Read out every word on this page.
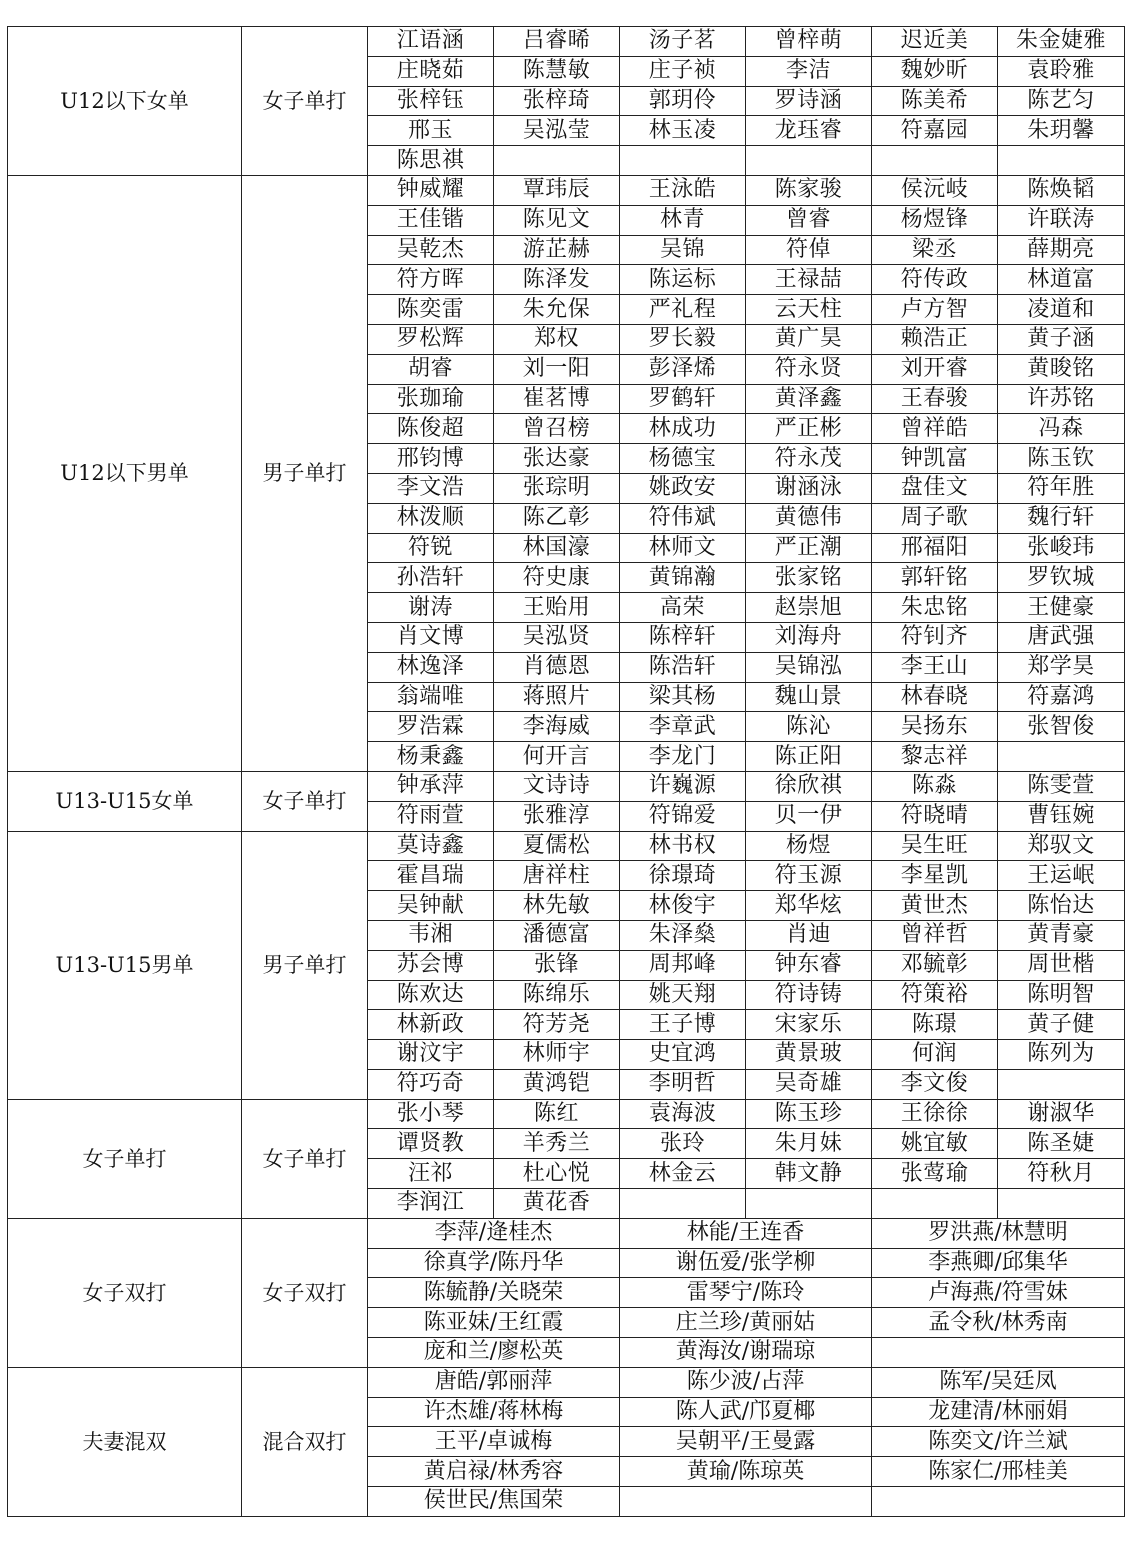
U12以下女单	女子单打	江语涵	吕睿晞	汤子茗	曾梓萌	迟近美	朱金婕雅
		庄晓茹	陈慧敏	庄子祯	李洁	魏妙昕	袁聆雅
		张梓钰	张梓琦	郭玥伶	罗诗涵	陈美希	陈艺匀
		邢玉	吴泓莹	林玉凌	龙珏睿	符嘉园	朱玥馨
		陈思祺					
U12以下男单	男子单打	钟威耀	覃玮辰	王泳皓	陈家骏	侯沅岐	陈焕韬
		王佳锴	陈见文	林青	曾睿	杨煜锋	许联涛
		吴乾杰	游芷赫	吴锦	符倬	梁丞	薛期亮
		符方晖	陈泽发	陈运标	王禄喆	符传政	林道富
		陈奕雷	朱允保	严礼程	云天柱	卢方智	凌道和
		罗松辉	郑权	罗长毅	黄广昊	赖浩正	黄子涵
		胡睿	刘一阳	彭泽烯	符永贤	刘开睿	黄晙铭
		张珈瑜	崔茗博	罗鹤轩	黄泽鑫	王春骏	许苏铭
		陈俊超	曾召榜	林成功	严正彬	曾祥皓	冯森
		邢钧博	张达豪	杨德宝	符永茂	钟凯富	陈玉钦
		李文浩	张琮明	姚政安	谢涵泳	盘佳文	符年胜
		林泼顺	陈乙彰	符伟斌	黄德伟	周子歌	魏行轩
		符锐	林国濠	林师文	严正潮	邢福阳	张峻玮
		孙浩轩	符史康	黄锦瀚	张家铭	郭轩铭	罗钦城
		谢涛	王贻用	高荣	赵崇旭	朱忠铭	王健豪
		肖文博	吴泓贤	陈梓轩	刘海舟	符钊齐	唐武强
		林逸泽	肖德恩	陈浩轩	吴锦泓	李王山	郑学昊
		翁端唯	蒋照片	梁其杨	魏山景	林春晓	符嘉鸿
		罗浩霖	李海威	李章武	陈沁	吴扬东	张智俊
		杨秉鑫	何开言	李龙门	陈正阳	黎志祥	
U13-U15女单	女子单打	钟承萍	文诗诗	许巍源	徐欣祺	陈淼	陈雯萱
		符雨萱	张雅淳	符锦爱	贝一伊	符晓晴	曹钰婉
U13-U15男单	男子单打	莫诗鑫	夏儒松	林书权	杨煜	吴生旺	郑驭文
		霍昌瑞	唐祥柱	徐璟琦	符玉源	李星凯	王运岷
		吴钟献	林先敏	林俊宇	郑华炫	黄世杰	陈怡达
		韦湘	潘德富	朱泽燊	肖迪	曾祥哲	黄青豪
		苏会博	张锋	周邦峰	钟东睿	邓毓彰	周世楷
		陈欢达	陈绵乐	姚天翔	符诗铸	符策裕	陈明智
		林新政	符芳尧	王子博	宋家乐	陈璟	黄子健
		谢汶宇	林师宇	史宜鸿	黄景玻	何润	陈列为
		符巧奇	黄鸿铠	李明哲	吴奇雄	李文俊	
女子单打	女子单打	张小琴	陈红	袁海波	陈玉珍	王徐徐	谢淑华
		谭贤教	羊秀兰	张玲	朱月妹	姚宜敏	陈圣婕
		汪祁	杜心悦	林金云	韩文静	张莺瑜	符秋月
		李润江	黄花香				
女子双打	女子双打	李萍/逄桂杰		林能/王连香		罗洪燕/林慧明	
		徐真学/陈丹华		谢伍爱/张学柳		李燕卿/邱集华	
		陈毓静/关晓荣		雷琴宁/陈玲		卢海燕/符雪妹	
		陈亚妹/王红霞		庄兰珍/黄丽姑		孟令秋/林秀南	
		庞和兰/廖松英		黄海汝/谢瑞琼			
夫妻混双	混合双打	唐皓/郭丽萍		陈少波/占萍		陈军/吴廷凤	
		许杰雄/蒋林梅		陈人武/邝夏椰		龙建清/林丽娟	
		王平/卓诚梅		吴朝平/王曼露		陈奕文/许兰斌	
		黄启禄/林秀容		黄瑜/陈琼英		陈家仁/邢桂美	
		侯世民/焦国荣					
